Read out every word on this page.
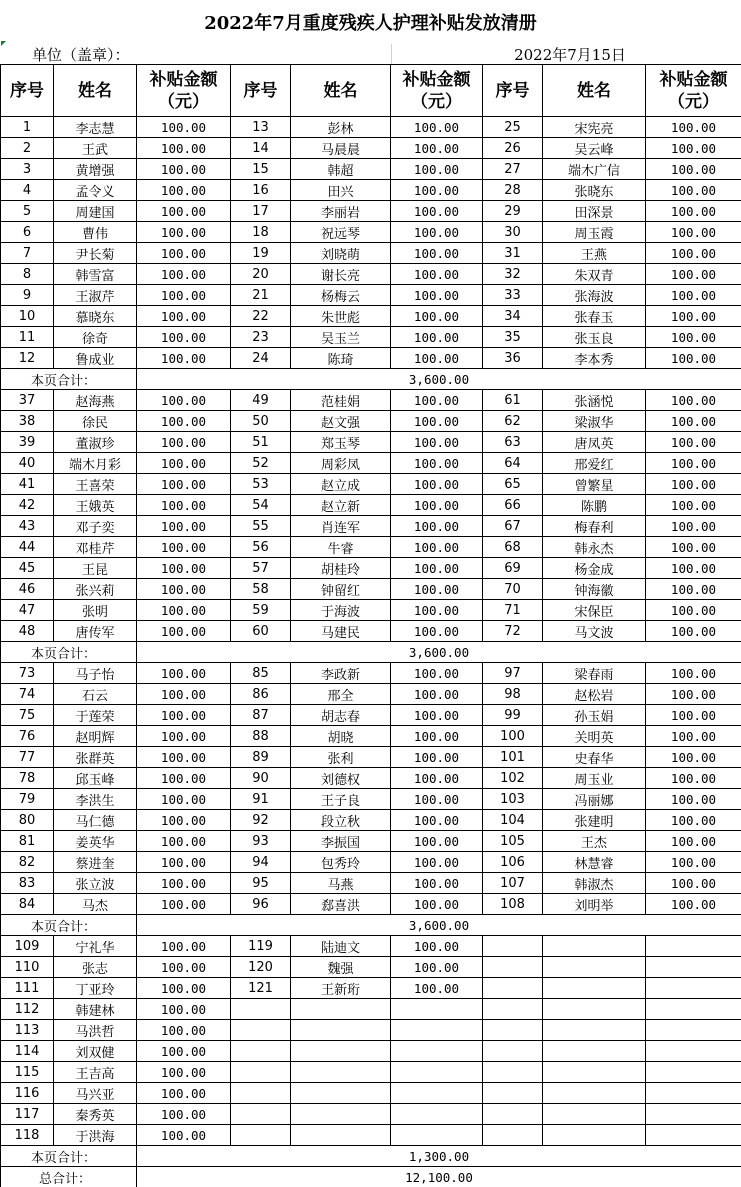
2022年7月重度残疾人护理补贴发放清册
单位（盖章）：	2022年7月15日
序号	姓名	补贴金额
（元）	序号	姓名	补贴金额
（元）	序号	姓名	补贴金额
（元）
1	李志慧	100.00	13	彭林	100.00	25	宋宪亮	100.00
2	王武	100.00	14	马晨晨	100.00	26	吴云峰	100.00
3	黄增强	100.00	15	韩超	100.00	27	端木广信	100.00
4	孟令义	100.00	16	田兴	100.00	28	张晓东	100.00
5	周建国	100.00	17	李丽岩	100.00	29	田深景	100.00
6	曹伟	100.00	18	祝远琴	100.00	30	周玉霞	100.00
7	尹长菊	100.00	19	刘晓萌	100.00	31	王燕	100.00
8	韩雪富	100.00	20	谢长亮	100.00	32	朱双青	100.00
9	王淑芹	100.00	21	杨梅云	100.00	33	张海波	100.00
10	慕晓东	100.00	22	朱世彪	100.00	34	张春玉	100.00
11	徐奇	100.00	23	吴玉兰	100.00	35	张玉良	100.00
12	鲁成业	100.00	24	陈琦	100.00	36	李本秀	100.00
本页合计：		3,600.00						
37	赵海燕	100.00	49	范桂娟	100.00	61	张涵悦	100.00
38	徐民	100.00	50	赵文强	100.00	62	梁淑华	100.00
39	董淑珍	100.00	51	郑玉琴	100.00	63	唐凤英	100.00
40	端木月彩	100.00	52	周彩凤	100.00	64	邢爱红	100.00
41	王喜荣	100.00	53	赵立成	100.00	65	曾繁星	100.00
42	王娥英	100.00	54	赵立新	100.00	66	陈鹏	100.00
43	邓子奕	100.00	55	肖连军	100.00	67	梅春利	100.00
44	邓桂芹	100.00	56	牛睿	100.00	68	韩永杰	100.00
45	王昆	100.00	57	胡桂玲	100.00	69	杨金成	100.00
46	张兴莉	100.00	58	钟留红	100.00	70	钟海徽	100.00
47	张明	100.00	59	于海波	100.00	71	宋保臣	100.00
48	唐传军	100.00	60	马建民	100.00	72	马文波	100.00
本页合计：		3,600.00						
73	马子怡	100.00	85	李政新	100.00	97	梁春雨	100.00
74	石云	100.00	86	邢全	100.00	98	赵松岩	100.00
75	于莲荣	100.00	87	胡志春	100.00	99	孙玉娟	100.00
76	赵明辉	100.00	88	胡晓	100.00	100	关明英	100.00
77	张群英	100.00	89	张利	100.00	101	史春华	100.00
78	邱玉峰	100.00	90	刘德权	100.00	102	周玉业	100.00
79	李洪生	100.00	91	王子良	100.00	103	冯丽娜	100.00
80	马仁德	100.00	92	段立秋	100.00	104	张建明	100.00
81	姜英华	100.00	93	李振国	100.00	105	王杰	100.00
82	蔡进奎	100.00	94	包秀玲	100.00	106	林慧睿	100.00
83	张立波	100.00	95	马燕	100.00	107	韩淑杰	100.00
84	马杰	100.00	96	郄喜洪	100.00	108	刘明举	100.00
本页合计：		3,600.00						
109	宁礼华	100.00	119	陆迪文	100.00			
110	张志	100.00	120	魏强	100.00			
111	丁亚玲	100.00	121	王新珩	100.00			
112	韩建林	100.00						
113	马洪哲	100.00						
114	刘双健	100.00						
115	王吉高	100.00						
116	马兴亚	100.00						
117	秦秀英	100.00						
118	于洪海	100.00						
本页合计：		1,300.00						
总合计：		12,100.00						
